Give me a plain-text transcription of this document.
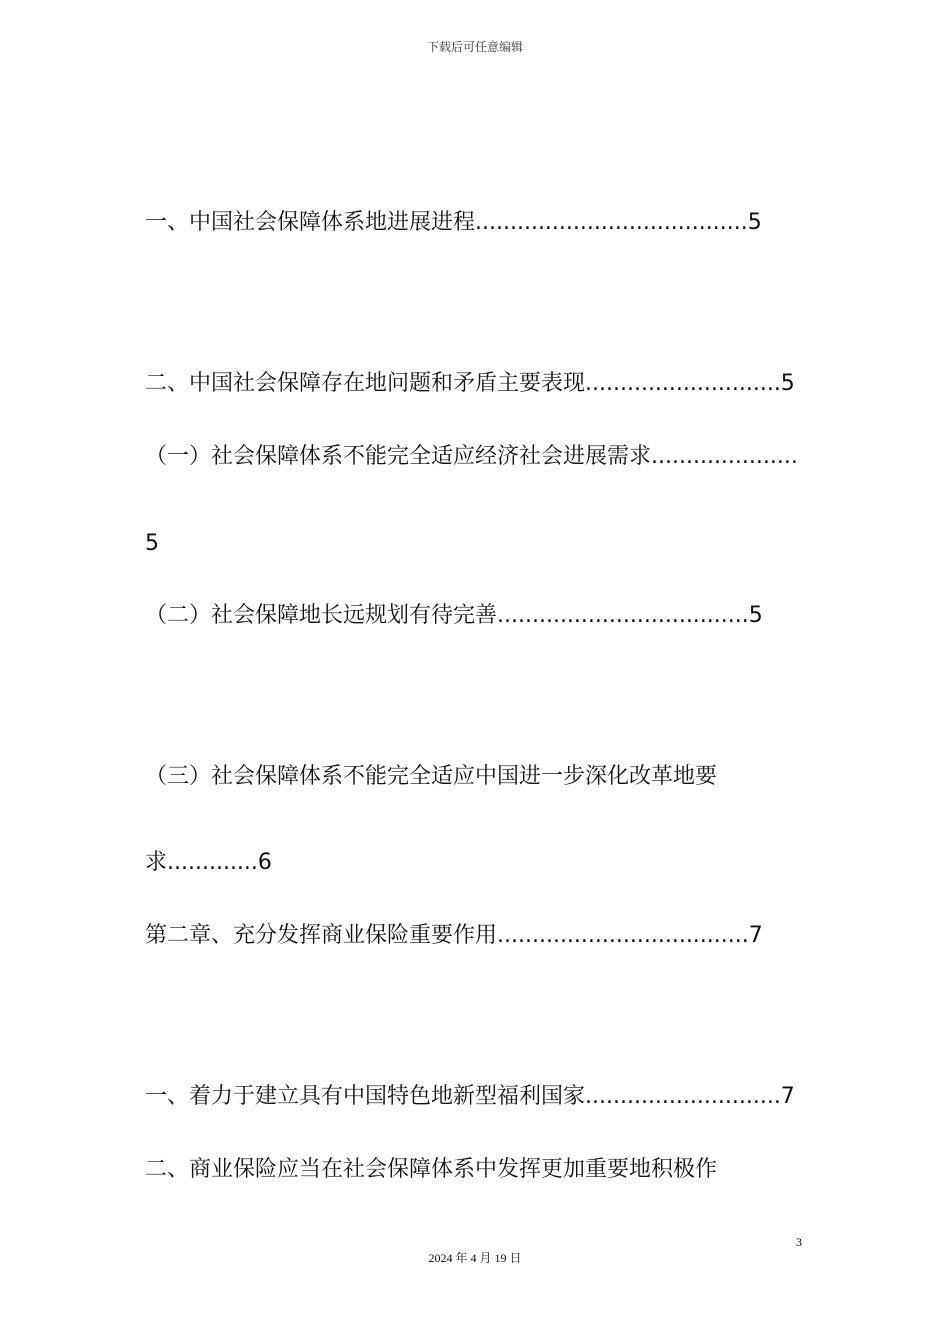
下载后可任意编辑
一、中国社会保障体系地进展进程.......................................5
二、中国社会保障存在地问题和矛盾主要表现............................5
（一）社会保障体系不能完全适应经济社会进展需求.....................
5
（二）社会保障地长远规划有待完善....................................5
（三）社会保障体系不能完全适应中国进一步深化改革地要
求.............6
第二章、充分发挥商业保险重要作用....................................7
一、着力于建立具有中国特色地新型福利国家............................7
二、商业保险应当在社会保障体系中发挥更加重要地积极作
3
2024 年 4 月 19 日
